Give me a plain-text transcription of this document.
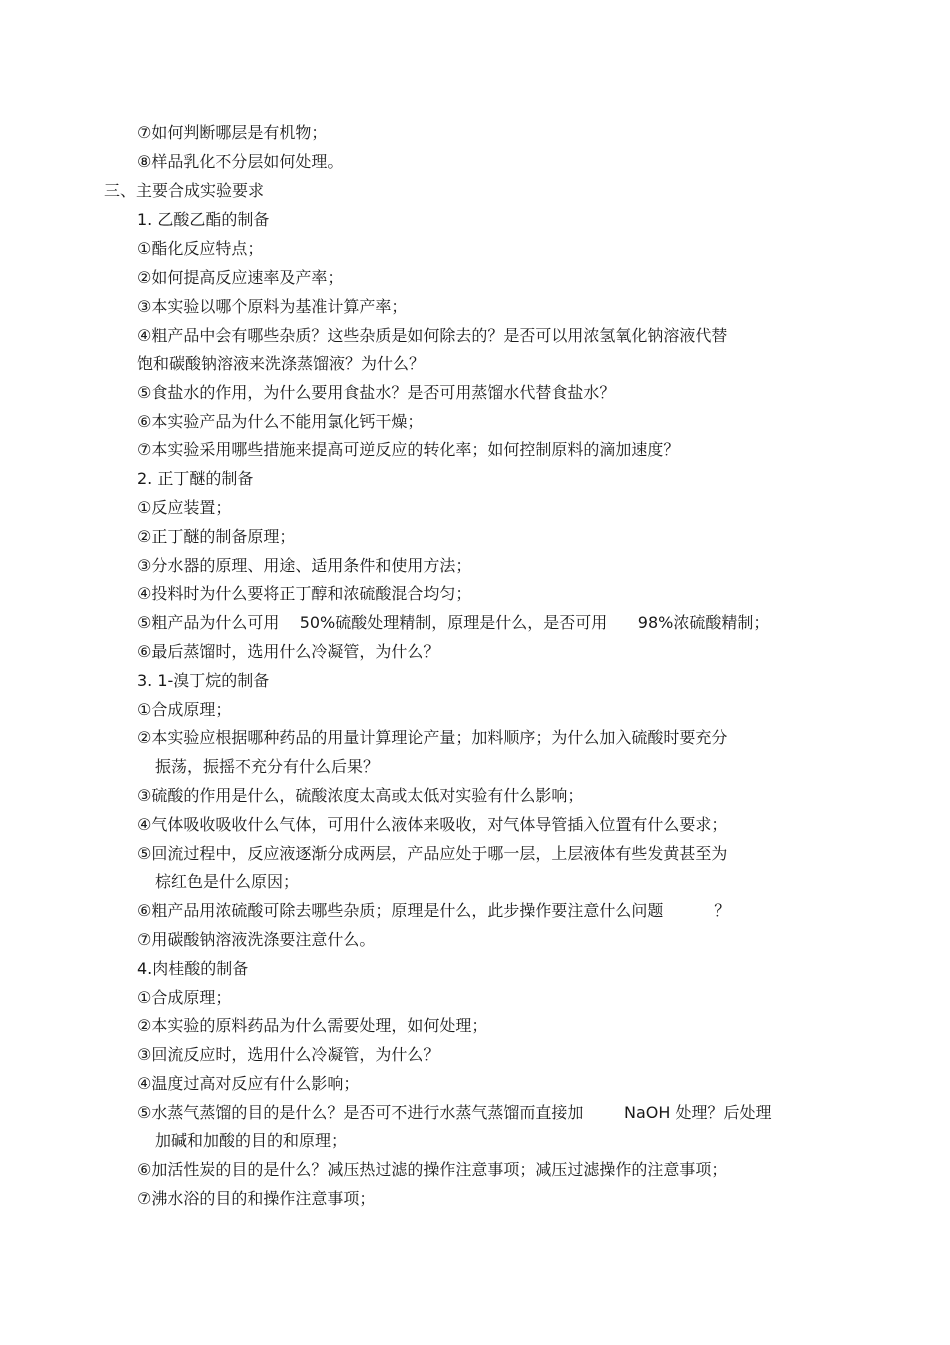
⑦如何判断哪层是有机物；
⑧样品乳化不分层如何处理。
三、主要合成实验要求
1. 乙酸乙酯的制备
①酯化反应特点；
②如何提高反应速率及产率；
③本实验以哪个原料为基准计算产率；
④粗产品中会有哪些杂质？这些杂质是如何除去的？是否可以用浓氢氧化钠溶液代替
饱和碳酸钠溶液来洗涤蒸馏液？为什么？
⑤食盐水的作用，为什么要用食盐水？是否可用蒸馏水代替食盐水？
⑥本实验产品为什么不能用氯化钙干燥；
⑦本实验采用哪些措施来提高可逆反应的转化率；如何控制原料的滴加速度？
2. 正丁醚的制备
①反应装置；
②正丁醚的制备原理；
③分水器的原理、用途、适用条件和使用方法；
④投料时为什么要将正丁醇和浓硫酸混合均匀；
⑤粗产品为什么可用    50%硫酸处理精制，原理是什么，是否可用      98%浓硫酸精制；
⑥最后蒸馏时，选用什么冷凝管，为什么？
3. 1-溴丁烷的制备
①合成原理；
②本实验应根据哪种药品的用量计算理论产量；加料顺序；为什么加入硫酸时要充分
振荡，振摇不充分有什么后果？
③硫酸的作用是什么，硫酸浓度太高或太低对实验有什么影响；
④气体吸收吸收什么气体，可用什么液体来吸收，对气体导管插入位置有什么要求；
⑤回流过程中，反应液逐渐分成两层，产品应处于哪一层，上层液体有些发黄甚至为
棕红色是什么原因；
⑥粗产品用浓硫酸可除去哪些杂质；原理是什么，此步操作要注意什么问题          ？
⑦用碳酸钠溶液洗涤要注意什么。
4.肉桂酸的制备
①合成原理；
②本实验的原料药品为什么需要处理，如何处理；
③回流反应时，选用什么冷凝管，为什么？
④温度过高对反应有什么影响；
⑤水蒸气蒸馏的目的是什么？是否可不进行水蒸气蒸馏而直接加        NaOH 处理？后处理
加碱和加酸的目的和原理；
⑥加活性炭的目的是什么？减压热过滤的操作注意事项；减压过滤操作的注意事项；
⑦沸水浴的目的和操作注意事项；
